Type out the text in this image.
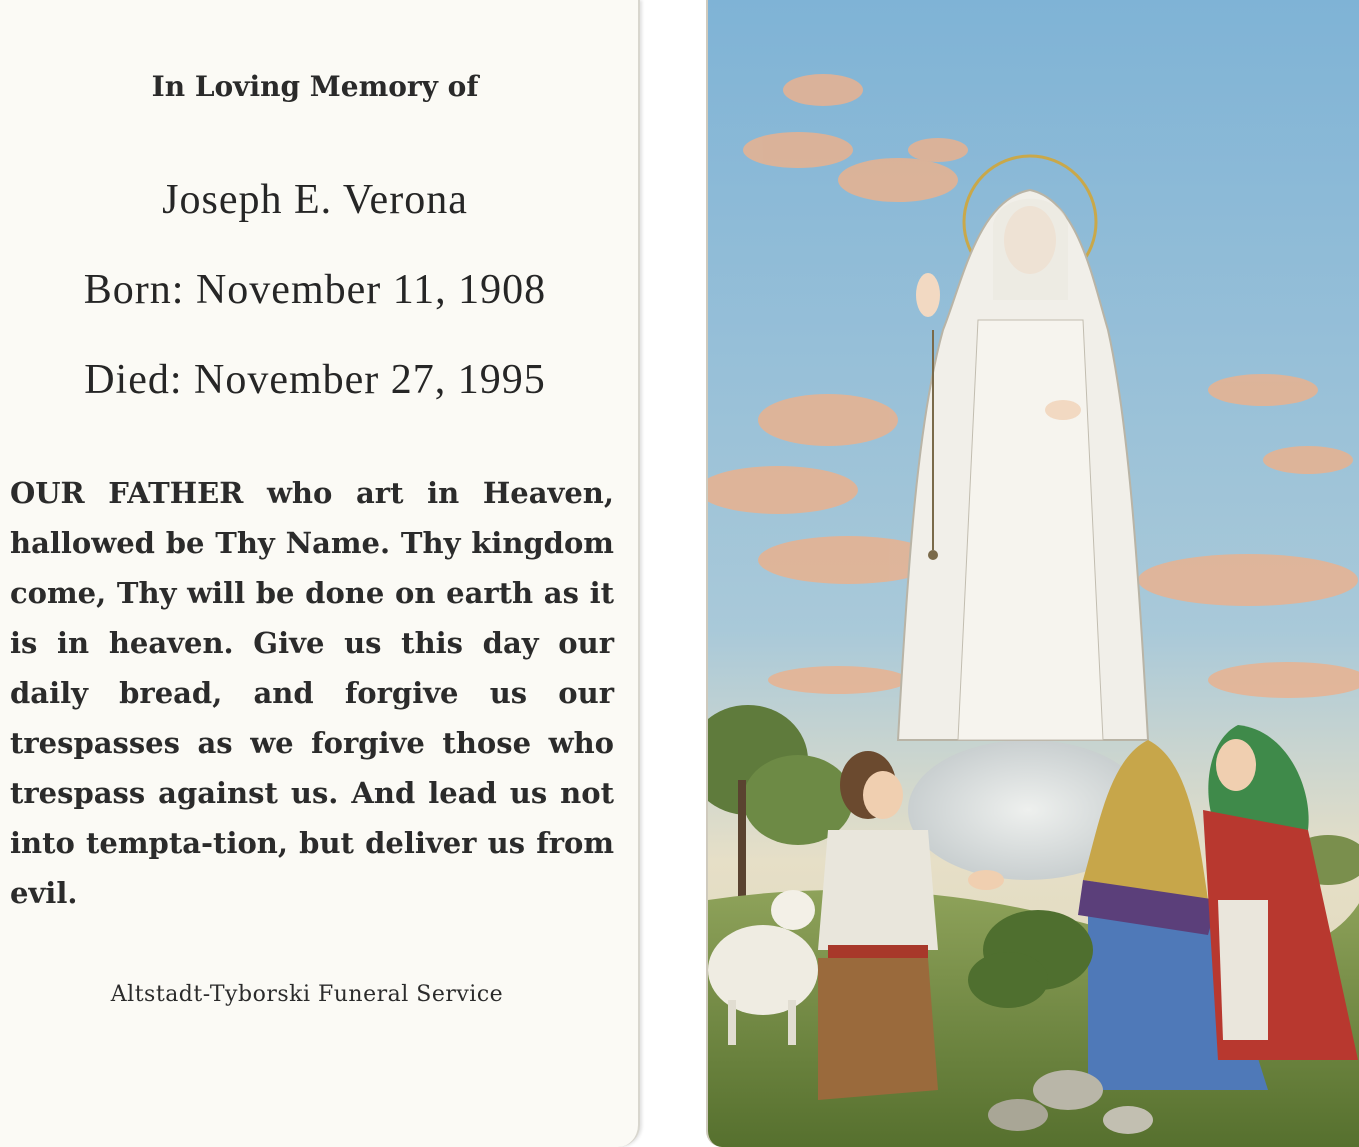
In Loving Memory of
Joseph E. Verona
Born: November 11, 1908
Died: November 27, 1995
OUR FATHER who art in Heaven, hallowed be Thy Name. Thy kingdom come, Thy will be done on earth as it is in heaven. Give us this day our daily bread, and forgive us our trespasses as we forgive those who trespass against us. And lead us not into tempta-tion, but deliver us from evil.
Altstadt-Tyborski Funeral Service
